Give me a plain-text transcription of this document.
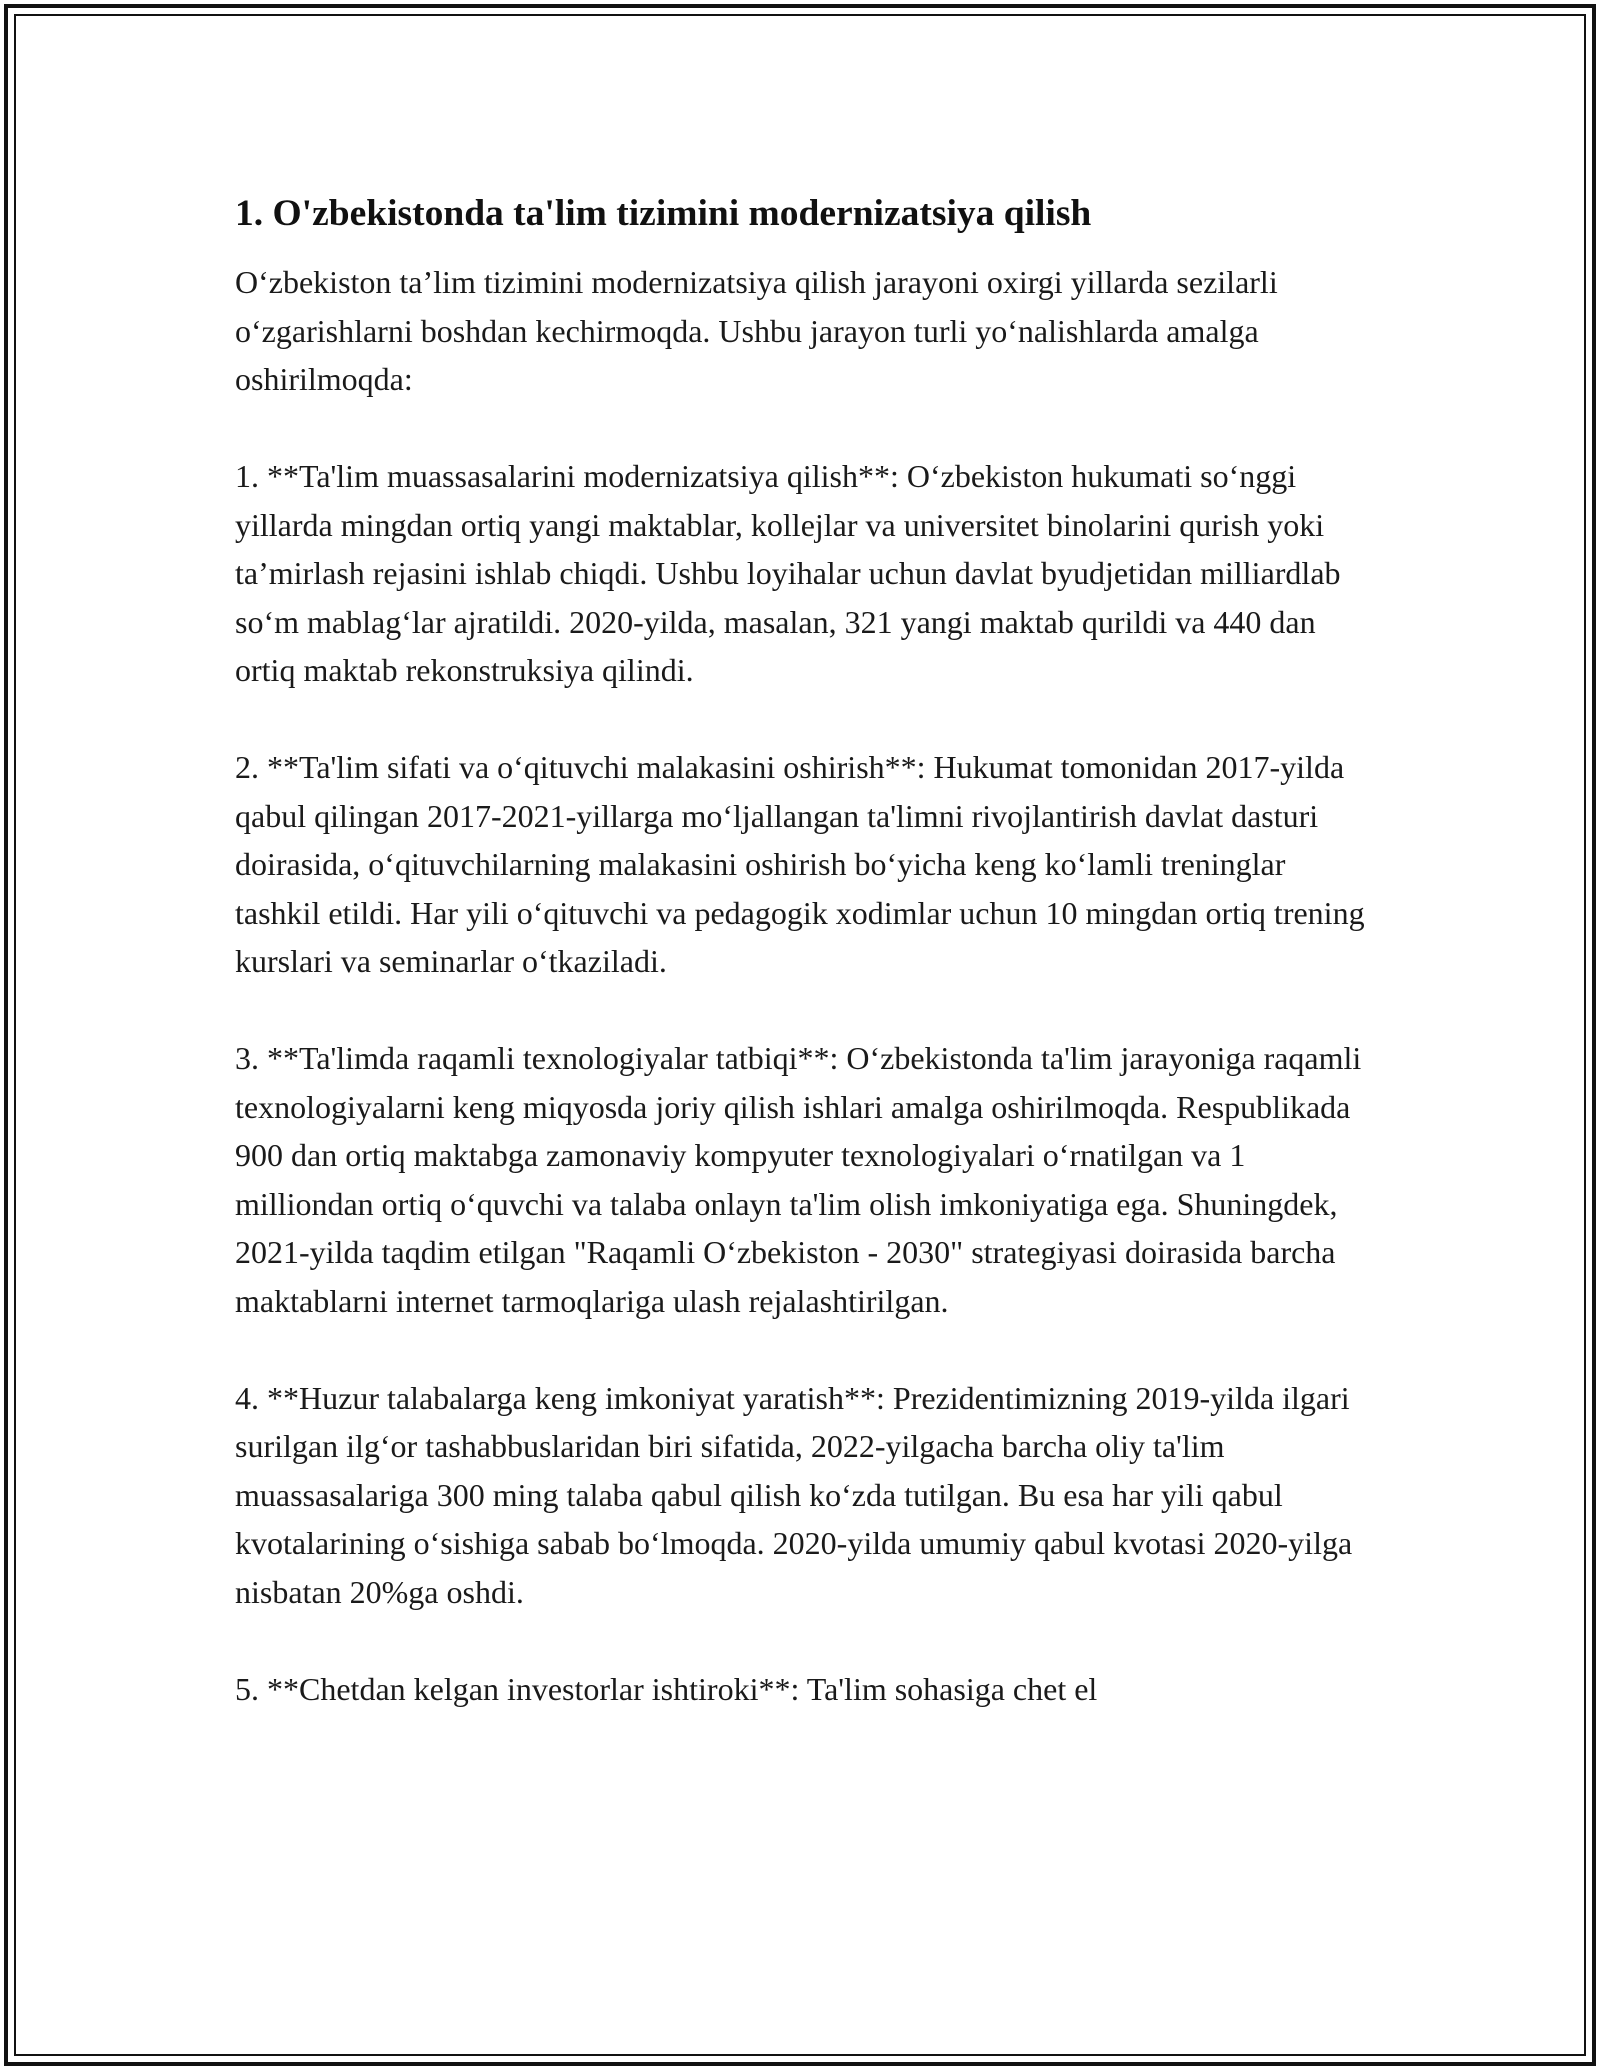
1. O'zbekistonda ta'lim tizimini modernizatsiya qilish

O‘zbekiston ta’lim tizimini modernizatsiya qilish jarayoni oxirgi yillarda sezilarli o‘zgarishlarni boshdan kechirmoqda. Ushbu jarayon turli yo‘nalishlarda amalga oshirilmoqda:

1. **Ta'lim muassasalarini modernizatsiya qilish**: O‘zbekiston hukumati so‘nggi yillarda mingdan ortiq yangi maktablar, kollejlar va universitet binolarini qurish yoki ta’mirlash rejasini ishlab chiqdi. Ushbu loyihalar uchun davlat byudjetidan milliardlab so‘m mablag‘lar ajratildi. 2020-yilda, masalan, 321 yangi maktab qurildi va 440 dan ortiq maktab rekonstruksiya qilindi.

2. **Ta'lim sifati va o‘qituvchi malakasini oshirish**: Hukumat tomonidan 2017-yilda qabul qilingan 2017-2021-yillarga mo‘ljallangan ta'limni rivojlantirish davlat dasturi doirasida, o‘qituvchilarning malakasini oshirish bo‘yicha keng ko‘lamli treninglar tashkil etildi. Har yili o‘qituvchi va pedagogik xodimlar uchun 10 mingdan ortiq trening kurslari va seminarlar o‘tkaziladi.

3. **Ta'limda raqamli texnologiyalar tatbiqi**: O‘zbekistonda ta'lim jarayoniga raqamli texnologiyalarni keng miqyosda joriy qilish ishlari amalga oshirilmoqda. Respublikada 900 dan ortiq maktabga zamonaviy kompyuter texnologiyalari o‘rnatilgan va 1 milliondan ortiq o‘quvchi va talaba onlayn ta'lim olish imkoniyatiga ega. Shuningdek, 2021-yilda taqdim etilgan "Raqamli O‘zbekiston - 2030" strategiyasi doirasida barcha maktablarni internet tarmoqlariga ulash rejalashtirilgan.

4. **Huzur talabalarga keng imkoniyat yaratish**: Prezidentimizning 2019-yilda ilgari surilgan ilg‘or tashabbuslaridan biri sifatida, 2022-yilgacha barcha oliy ta'lim muassasalariga 300 ming talaba qabul qilish ko‘zda tutilgan. Bu esa har yili qabul kvotalarining o‘sishiga sabab bo‘lmoqda. 2020-yilda umumiy qabul kvotasi 2020-yilga nisbatan 20%ga oshdi.

5. **Chetdan kelgan investorlar ishtiroki**: Ta'lim sohasiga chet el
